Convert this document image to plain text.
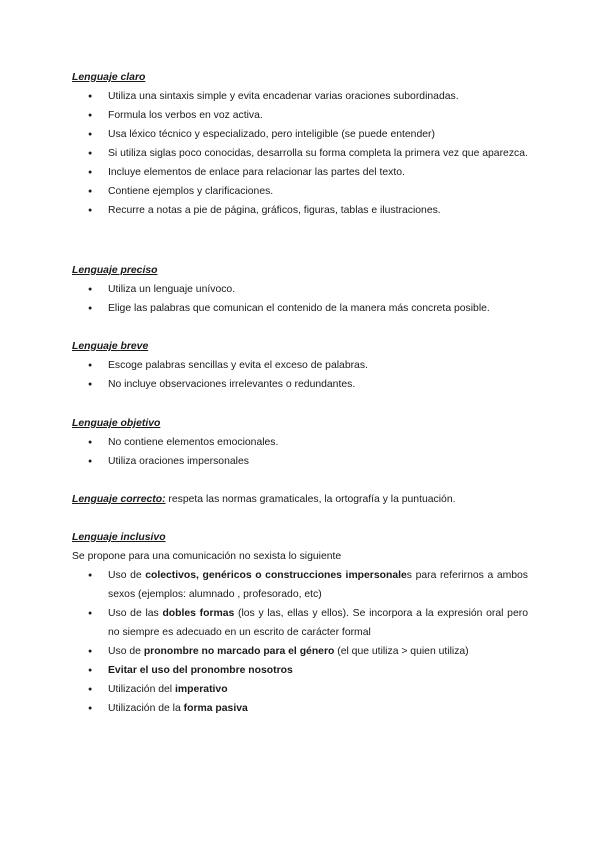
Lenguaje claro
● Utiliza una sintaxis simple y evita encadenar varias oraciones subordinadas.
● Formula los verbos en voz activa.
● Usa léxico técnico y especializado, pero inteligible (se puede entender)
● Si utiliza siglas poco conocidas, desarrolla su forma completa la primera vez que aparezca.
● Incluye elementos de enlace para relacionar las partes del texto.
● Contiene ejemplos y clarificaciones.
● Recurre a notas a pie de página, gráficos, figuras, tablas e ilustraciones.
Lenguaje preciso
● Utiliza un lenguaje unívoco.
● Elige las palabras que comunican el contenido de la manera más concreta posible.
Lenguaje breve
● Escoge palabras sencillas y evita el exceso de palabras.
● No incluye observaciones irrelevantes o redundantes.
Lenguaje objetivo
● No contiene elementos emocionales.
● Utiliza oraciones impersonales
Lenguaje correcto: respeta las normas gramaticales, la ortografía y la puntuación.
Lenguaje inclusivo
Se propone para una comunicación no sexista lo siguiente
● Uso de colectivos, genéricos o construcciones impersonales para referirnos a ambos sexos (ejemplos: alumnado , profesorado, etc)
● Uso de las dobles formas (los y las, ellas y ellos). Se incorpora a la expresión oral pero no siempre es adecuado en un escrito de carácter formal
● Uso de pronombre no marcado para el género (el que utiliza > quien utiliza)
● Evitar el uso del pronombre nosotros
● Utilización del imperativo
● Utilización de la forma pasiva
